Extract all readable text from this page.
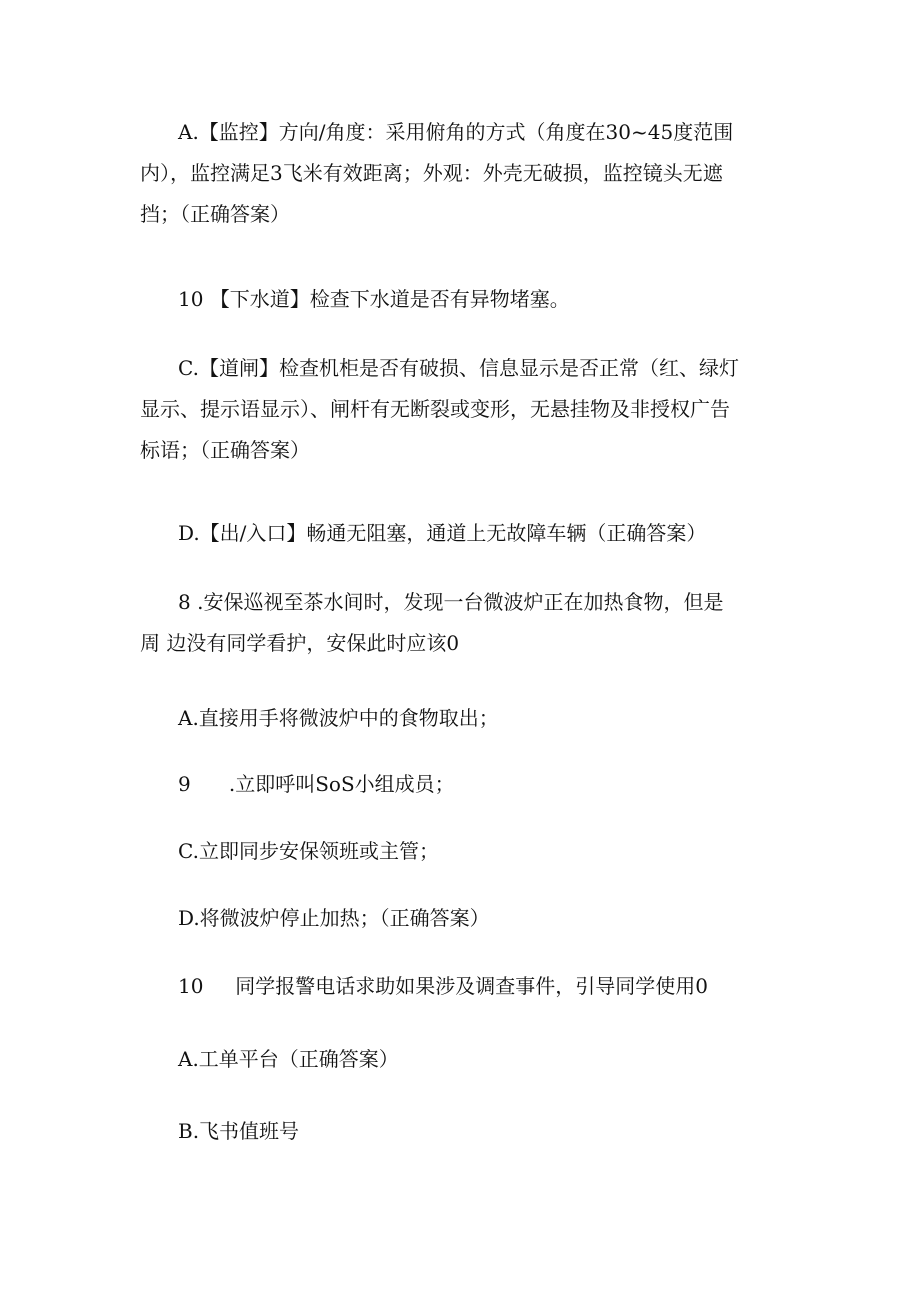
A.【监控】方向/角度：采用俯角的方式（角度在30~45度范围
内），监控满足3飞米有效距离；外观：外壳无破损，监控镜头无遮
挡；（正确答案）

10 【下水道】检查下水道是否有异物堵塞。

C.【道闸】检查机柜是否有破损、信息显示是否正常（红、绿灯
显示、提示语显示）、闸杆有无断裂或变形，无悬挂物及非授权广告
标语；（正确答案）

D.【出/入口】畅通无阻塞，通道上无故障车辆（正确答案）

8 .安保巡视至茶水间时，发现一台微波炉正在加热食物，但是
周 边没有同学看护，安保此时应该0

A.直接用手将微波炉中的食物取出；

9      .立即呼叫SoS小组成员；

C.立即同步安保领班或主管；

D.将微波炉停止加热；（正确答案）

10     同学报警电话求助如果涉及调查事件，引导同学使用0

A.工单平台（正确答案）

B.飞书值班号
